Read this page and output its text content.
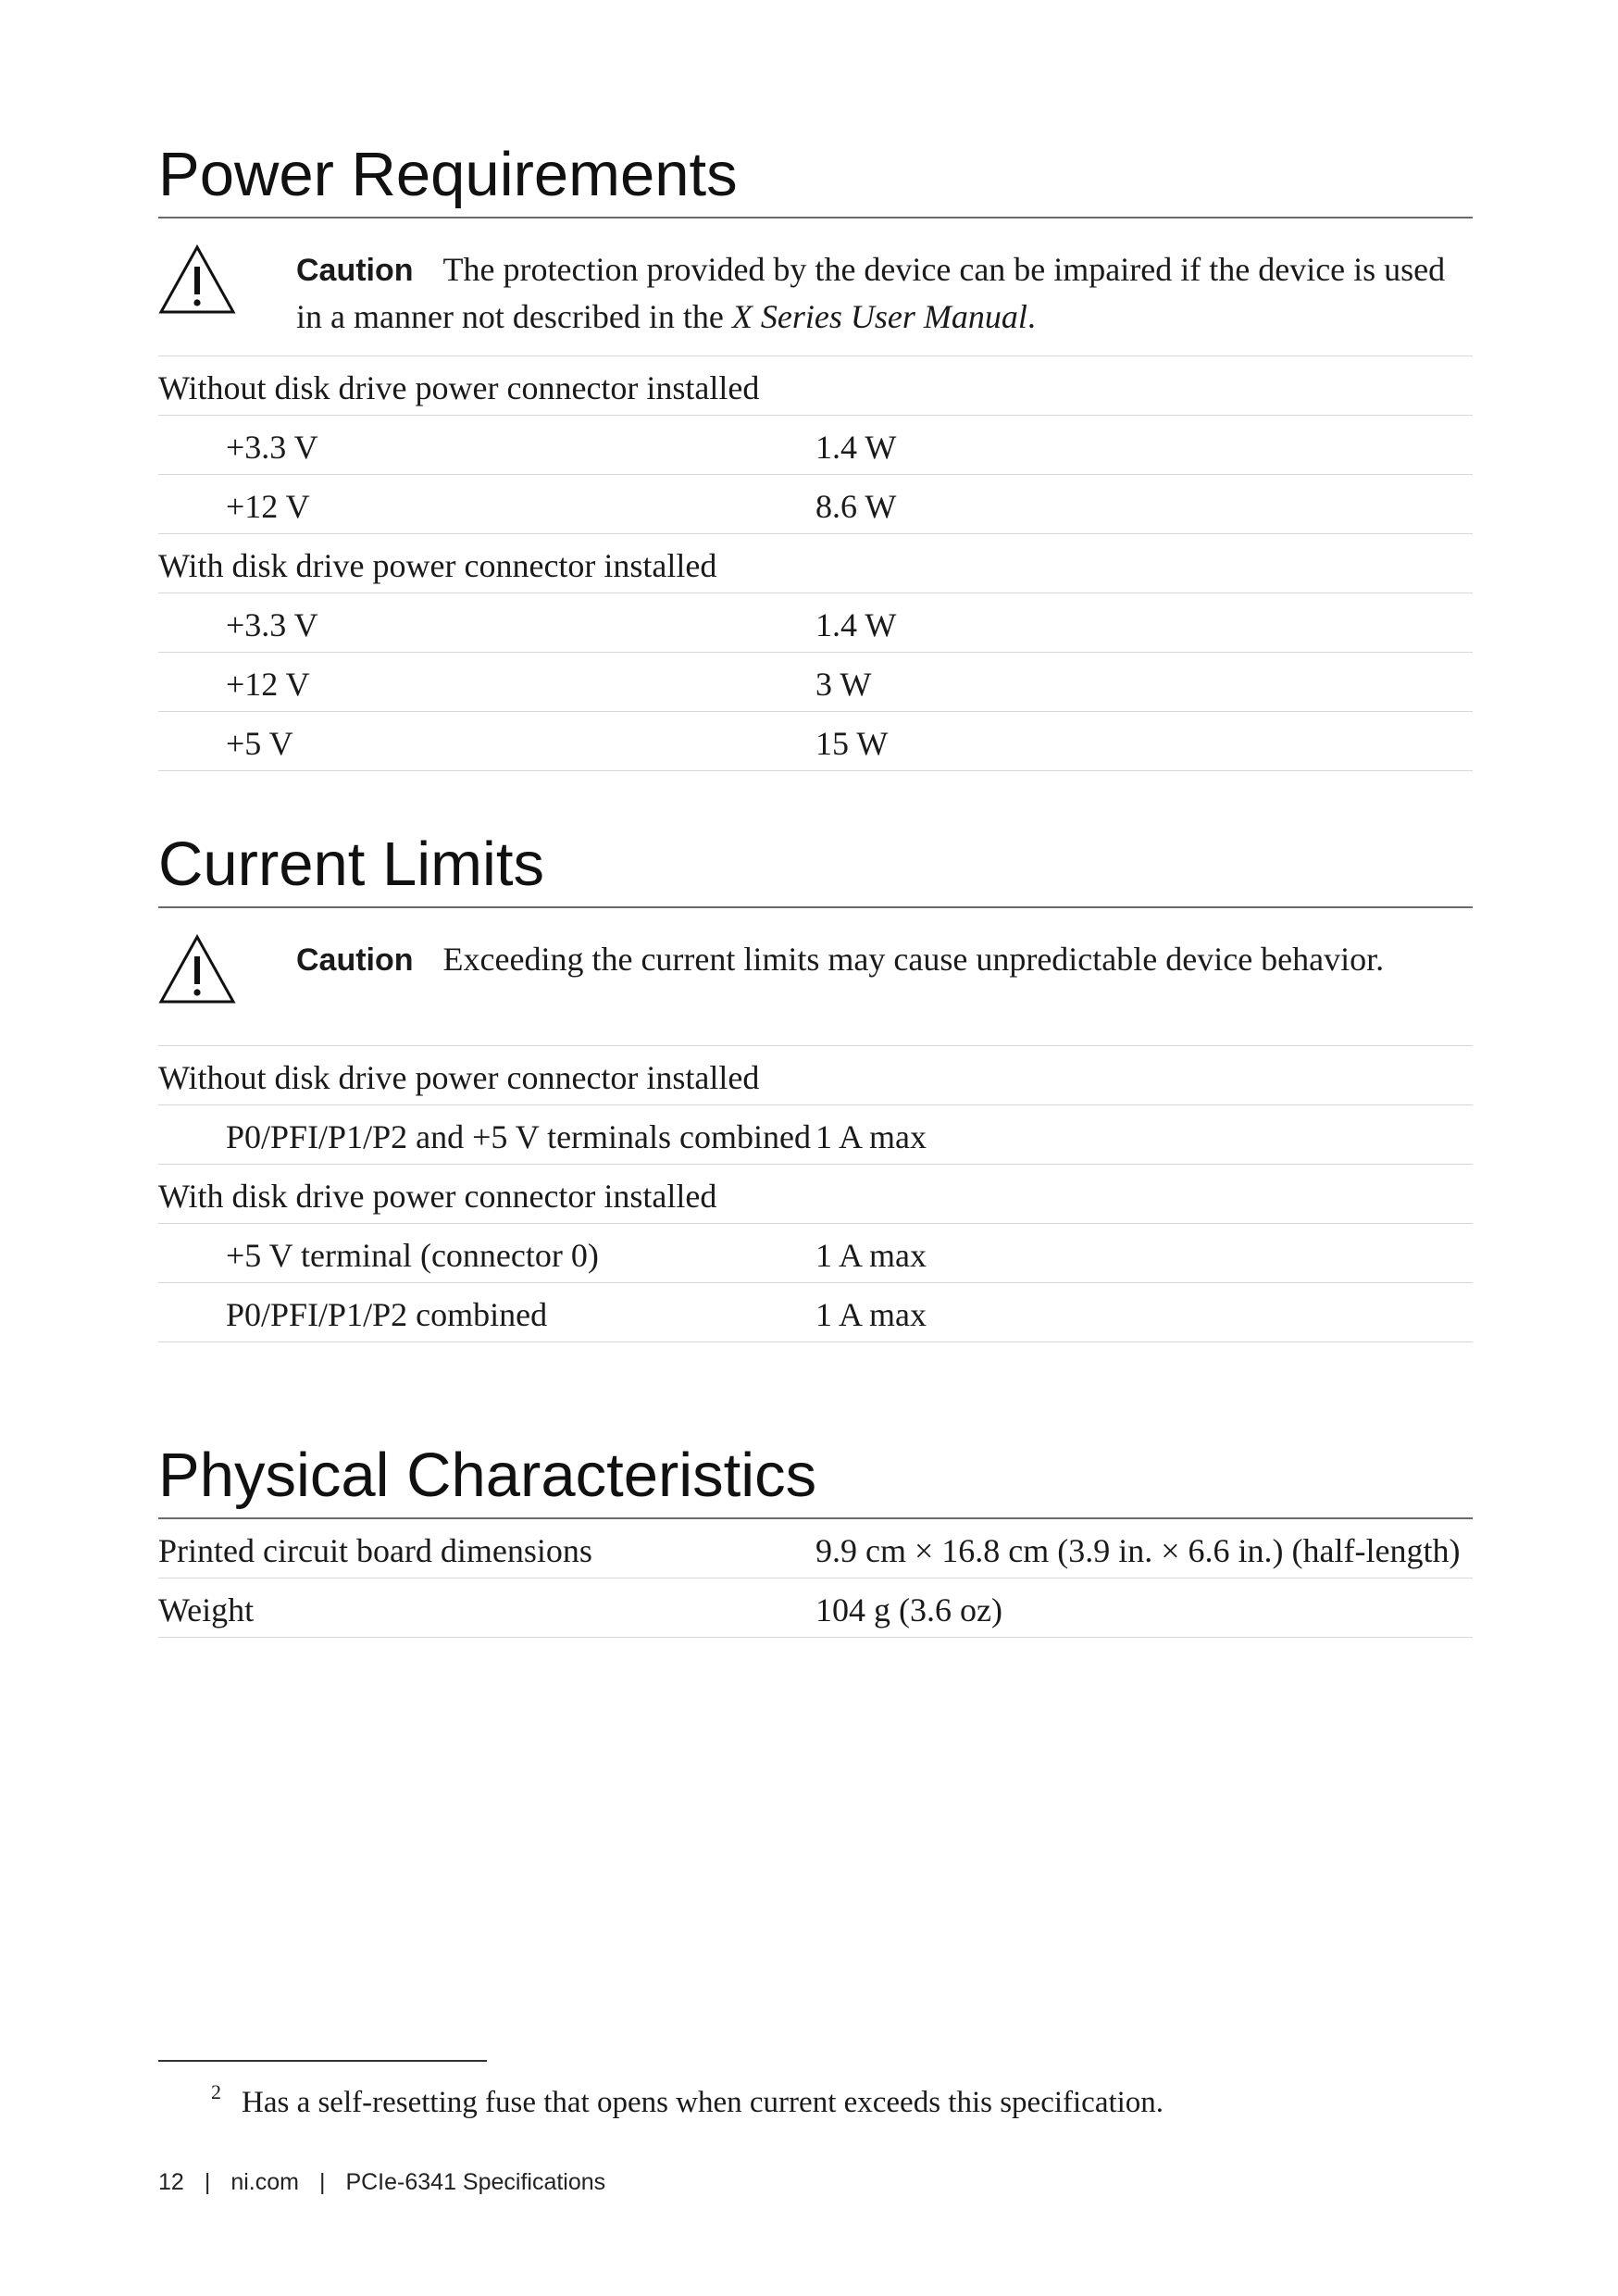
Power Requirements
Caution The protection provided by the device can be impaired if the device is used in a manner not described in the X Series User Manual.
Without disk drive power connector installed
+3.3 V	1.4 W
+12 V	8.6 W
With disk drive power connector installed
+3.3 V	1.4 W
+12 V	3 W
+5 V	15 W
Current Limits
Caution Exceeding the current limits may cause unpredictable device behavior.
Without disk drive power connector installed
P0/PFI/P1/P2 and +5 V terminals combined 1 A max
With disk drive power connector installed
+5 V terminal (connector 0)	1 A max
P0/PFI/P1/P2 combined	1 A max
Physical Characteristics
Printed circuit board dimensions	9.9 cm × 16.8 cm (3.9 in. × 6.6 in.) (half-length)
Weight	104 g (3.6 oz)
$^2$ Has a self-resetting fuse that opens when current exceeds this specification.
12 | ni.com | PCIe-6341 Specifications
